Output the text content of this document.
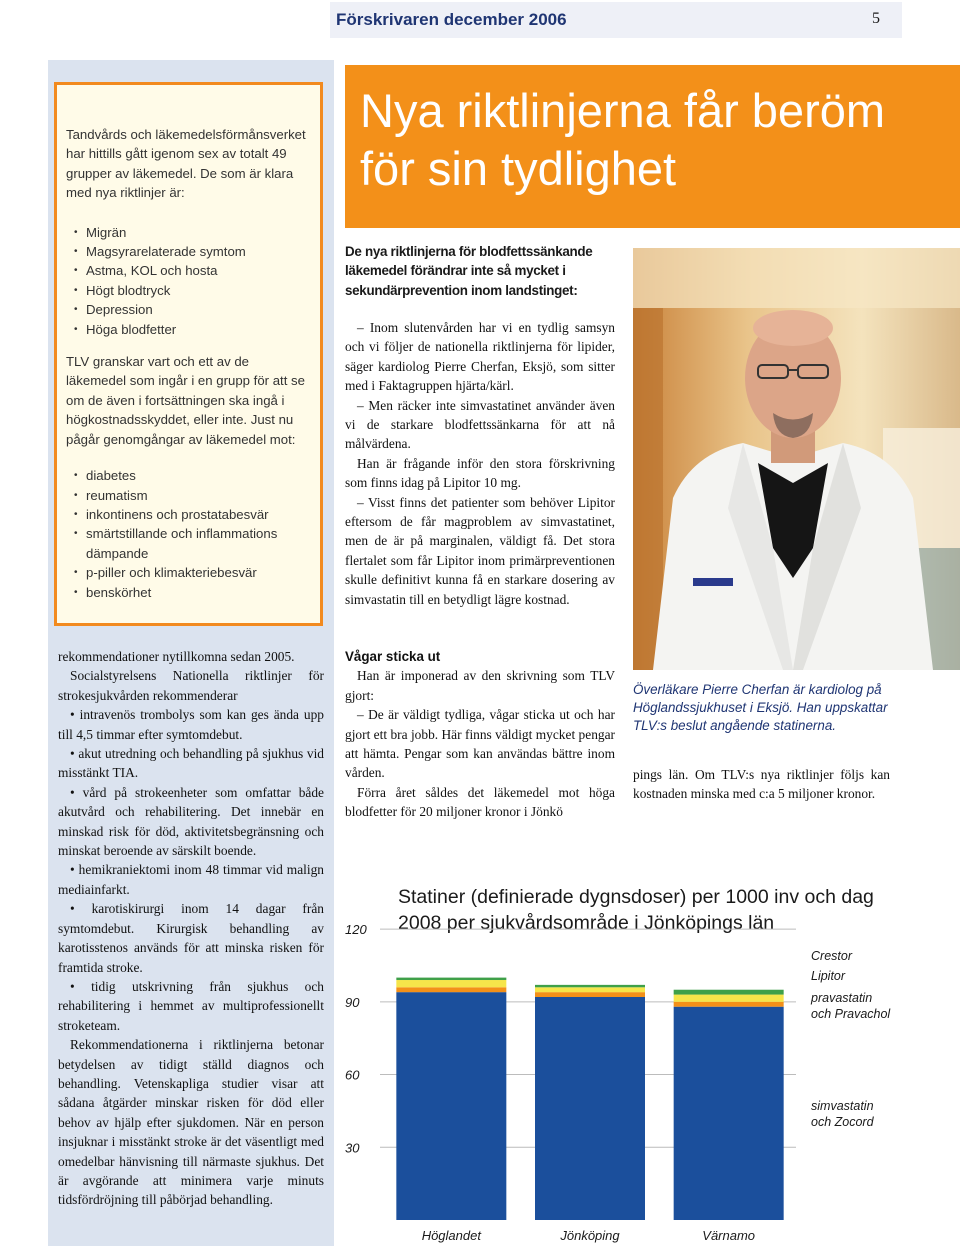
Förskrivaren december 2006	5
Tandvårds och läkemedelsförmånsverket har hittills gått igenom sex av totalt 49 grupper av läkemedel. De som är klara med nya riktlinjer är:
• Migrän
• Magsyrarelaterade symtom
• Astma, KOL och hosta
• Högt blodtryck
• Depression
• Höga blodfetter
TLV granskar vart och ett av de läkemedel som ingår i en grupp för att se om de även i fortsättningen ska ingå i högkostnadsskyddet, eller inte. Just nu pågår genomgångar av läkemedel mot:
• diabetes
• reumatism
• inkontinens och prostatabesvär
• smärtstillande och inflammations dämpande
• p-piller och klimakteriebesvär
• benskörhet

rekommendationer nytillkomna sedan 2005.

Socialstyrelsens Nationella riktlinjer för strokesjukvården rekommenderar

• intravenös trombolys som kan ges ända upp till 4,5 timmar efter symtomdebut.

• akut utredning och behandling på sjukhus vid misstänkt TIA.

• vård på strokeenheter som omfattar både akutvård och rehabilitering. Det innebär en minskad risk för död, aktivitetsbegränsning och minskat beroende av särskilt boende.

• hemikraniektomi inom 48 timmar vid malign mediainfarkt.

• karotiskirurgi inom 14 dagar från symtomdebut. Kirurgisk behandling av karotisstenos används för att minska risken för framtida stroke.

• tidig utskrivning från sjukhus och rehabilitering i hemmet av multiprofessionellt stroketeam.

Rekommendationerna i riktlinjerna betonar betydelsen av tidigt ställd diagnos och behandling. Vetenskapliga studier visar att sådana åtgärder minskar risken för död eller behov av hjälp efter sjukdomen. När en person insjuknar i misstänkt stroke är det väsentligt med omedelbar hänvisning till närmaste sjukhus. Det är avgörande att minimera varje minuts tidsfördröjning till påbörjad behandling.

Nya riktlinjerna får beröm för sin tydlighet
De nya riktlinjerna för blodfettssänkande läkemedel förändrar inte så mycket i sekundärprevention inom landstinget:

– Inom slutenvården har vi en tydlig samsyn och vi följer de nationella riktlinjerna för lipider, säger kardiolog Pierre Cherfan, Eksjö, som sitter med i Faktagruppen hjärta/kärl.

– Men räcker inte simvastatinet använder även vi de starkare blodfettssänkarna för att nå målvärdena.

Han är frågande inför den stora förskrivning som finns idag på Lipitor 10 mg.

– Visst finns det patienter som behöver Lipitor eftersom de får magproblem av simvastatinet, men de är på marginalen, väldigt få. Det stora flertalet som får Lipitor inom primärpreventionen skulle definitivt kunna få en starkare dosering av simvastatin till en betydligt lägre kostnad.

Vågar sticka ut

Han är imponerad av den skrivning som TLV gjort:

– De är väldigt tydliga, vågar sticka ut och har gjort ett bra jobb. Här finns väldigt mycket pengar att hämta. Pengar som kan användas bättre inom vården.

Förra året såldes det läkemedel mot höga blodfetter för 20 miljoner kronor i Jönkö

Överläkare Pierre Cherfan är kardiolog på Höglandssjukhuset i Eksjö. Han uppskattar TLV:s beslut angående statinerna.

pings län. Om TLV:s nya riktlinjer följs kan kostnaden minska med c:a 5 miljoner kronor.

Statiner (definierade dygnsdoser) per 1000 inv och dag 2008 per sjukvårdsområde i Jönköpings län
30
60
90
120
Höglandet	Jönköping	Värnamo
simvastatin och Zocord
pravastatin och Pravachol
Lipitor
Crestor
